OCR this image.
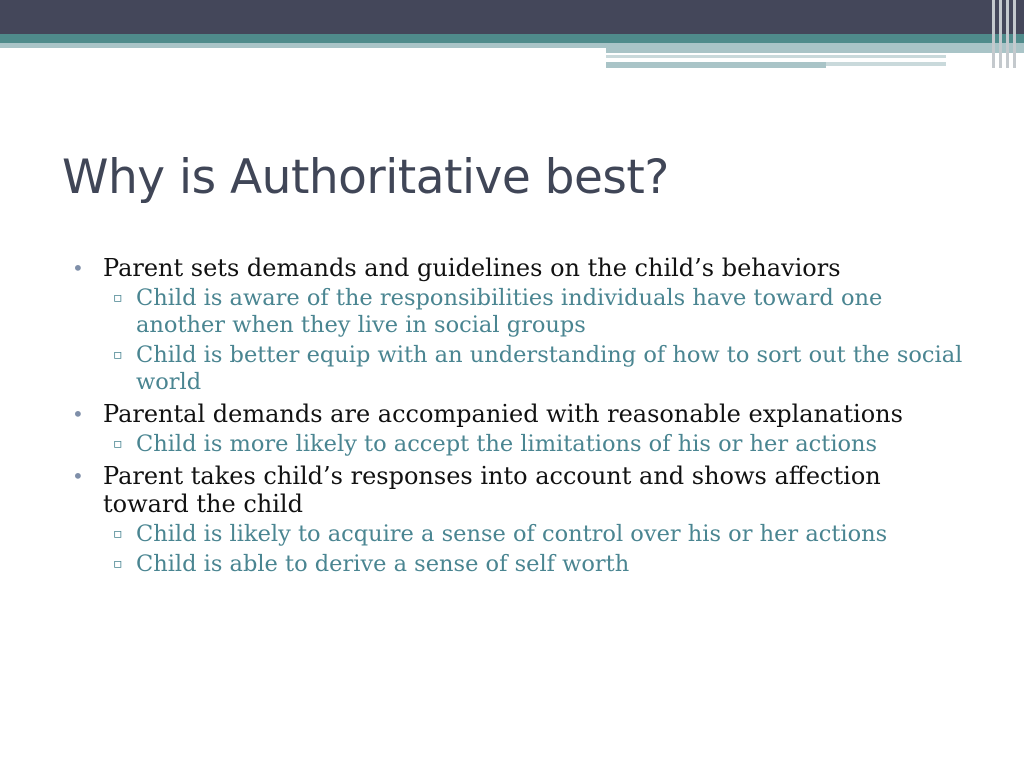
Why is Authoritative best?
• Parent sets demands and guidelines on the child’s behaviors
▫ Child is aware of the responsibilities individuals have toward one another when they live in social groups
▫ Child is better equip with an understanding of how to sort out the social world
• Parental demands are accompanied with reasonable explanations
▫ Child is more likely to accept the limitations of his or her actions
• Parent takes child’s responses into account and shows affection toward the child
▫ Child is likely to acquire a sense of control over his or her actions
▫ Child is able to derive a sense of self worth
